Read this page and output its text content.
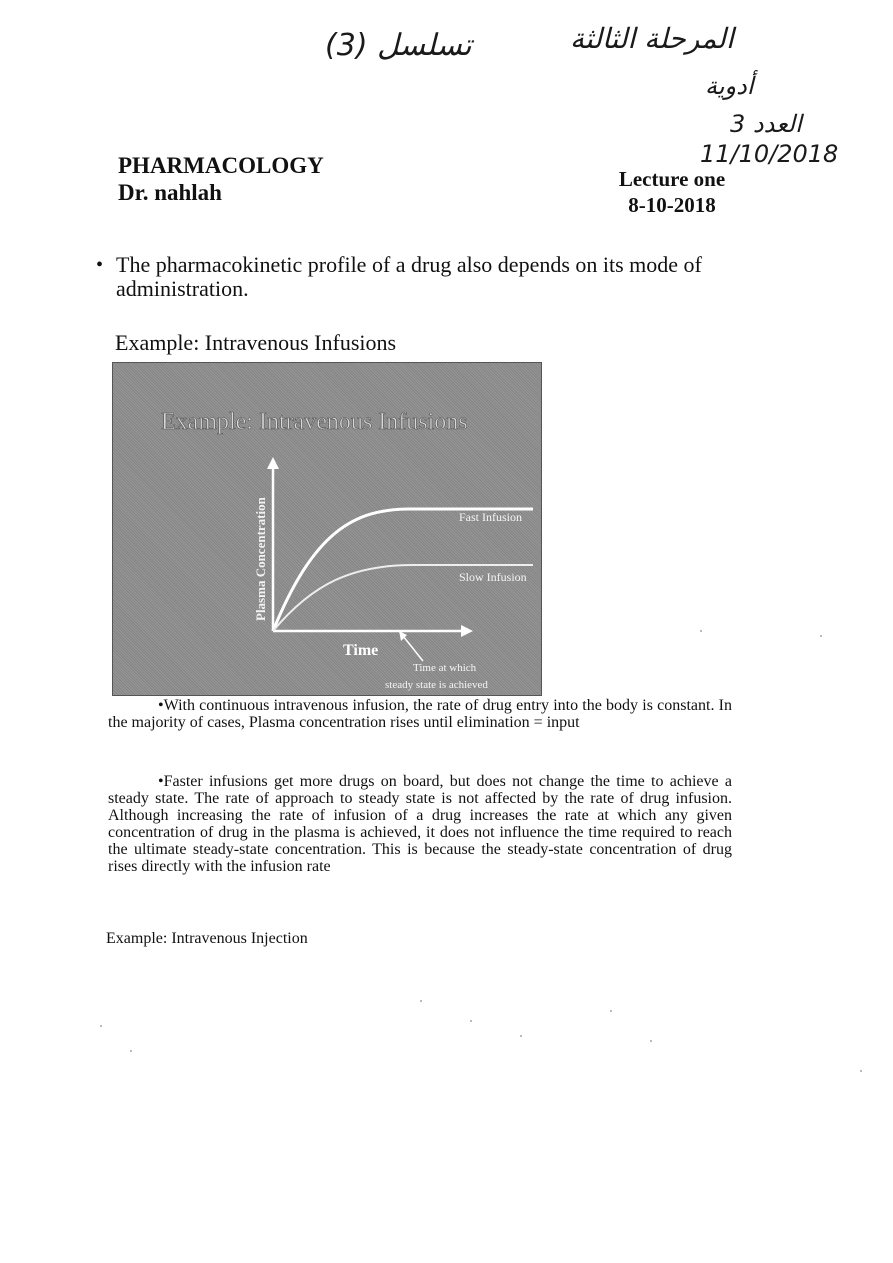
تسلسل (3)	المرحلة الثالثة
أدوية
العدد 3
11/10/2018
PHARMACOLOGY
Dr. nahlah
Lecture one
8-10-2018
• The pharmacokinetic profile of a drug also depends on its mode of administration.
Example: Intravenous Infusions
Example: Intravenous Infusions
Plasma Concentration
Time
Fast Infusion
Slow Infusion
Time at which
steady state is achieved
•With continuous intravenous infusion, the rate of drug entry into the body is constant. In the majority of cases, Plasma concentration rises until elimination = input
•Faster infusions get more drugs on board, but does not change the time to achieve a steady state. The rate of approach to steady state is not affected by the rate of drug infusion. Although increasing the rate of infusion of a drug increases the rate at which any given concentration of drug in the plasma is achieved, it does not influence the time required to reach the ultimate steady-state concentration. This is because the steady-state concentration of drug rises directly with the infusion rate
Example: Intravenous Injection
